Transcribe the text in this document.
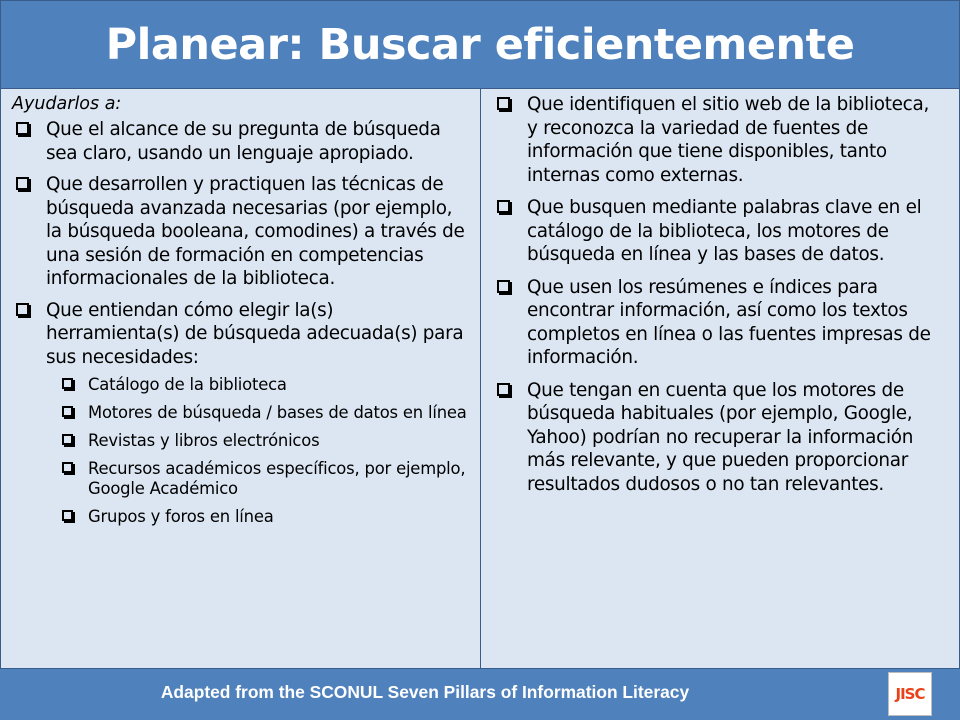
Planear: Buscar eficientemente
Ayudarlos a:
Que el alcance de su pregunta de búsqueda sea claro, usando un lenguaje apropiado.
Que desarrollen y practiquen las técnicas de búsqueda avanzada necesarias (por ejemplo, la búsqueda booleana, comodines) a través de una sesión de formación en competencias informacionales de la biblioteca.
Que entiendan cómo elegir la(s) herramienta(s) de búsqueda adecuada(s) para sus necesidades:
Catálogo de la biblioteca
Motores de búsqueda / bases de datos en línea
Revistas y libros electrónicos
Recursos académicos específicos, por ejemplo, Google Académico
Grupos y foros en línea
Que identifiquen el sitio web de la biblioteca, y reconozca la variedad de fuentes de información que tiene disponibles, tanto internas como externas.
Que busquen mediante palabras clave en el catálogo de la biblioteca, los motores de búsqueda en línea y las bases de datos.
Que usen los resúmenes e índices para encontrar información, así como los textos completos en línea o las fuentes impresas de información.
Que tengan en cuenta que los motores de búsqueda habituales (por ejemplo, Google, Yahoo) podrían no recuperar la información más relevante, y que pueden proporcionar resultados dudosos o no tan relevantes.
Adapted from the SCONUL Seven Pillars of Information Literacy	JISC
